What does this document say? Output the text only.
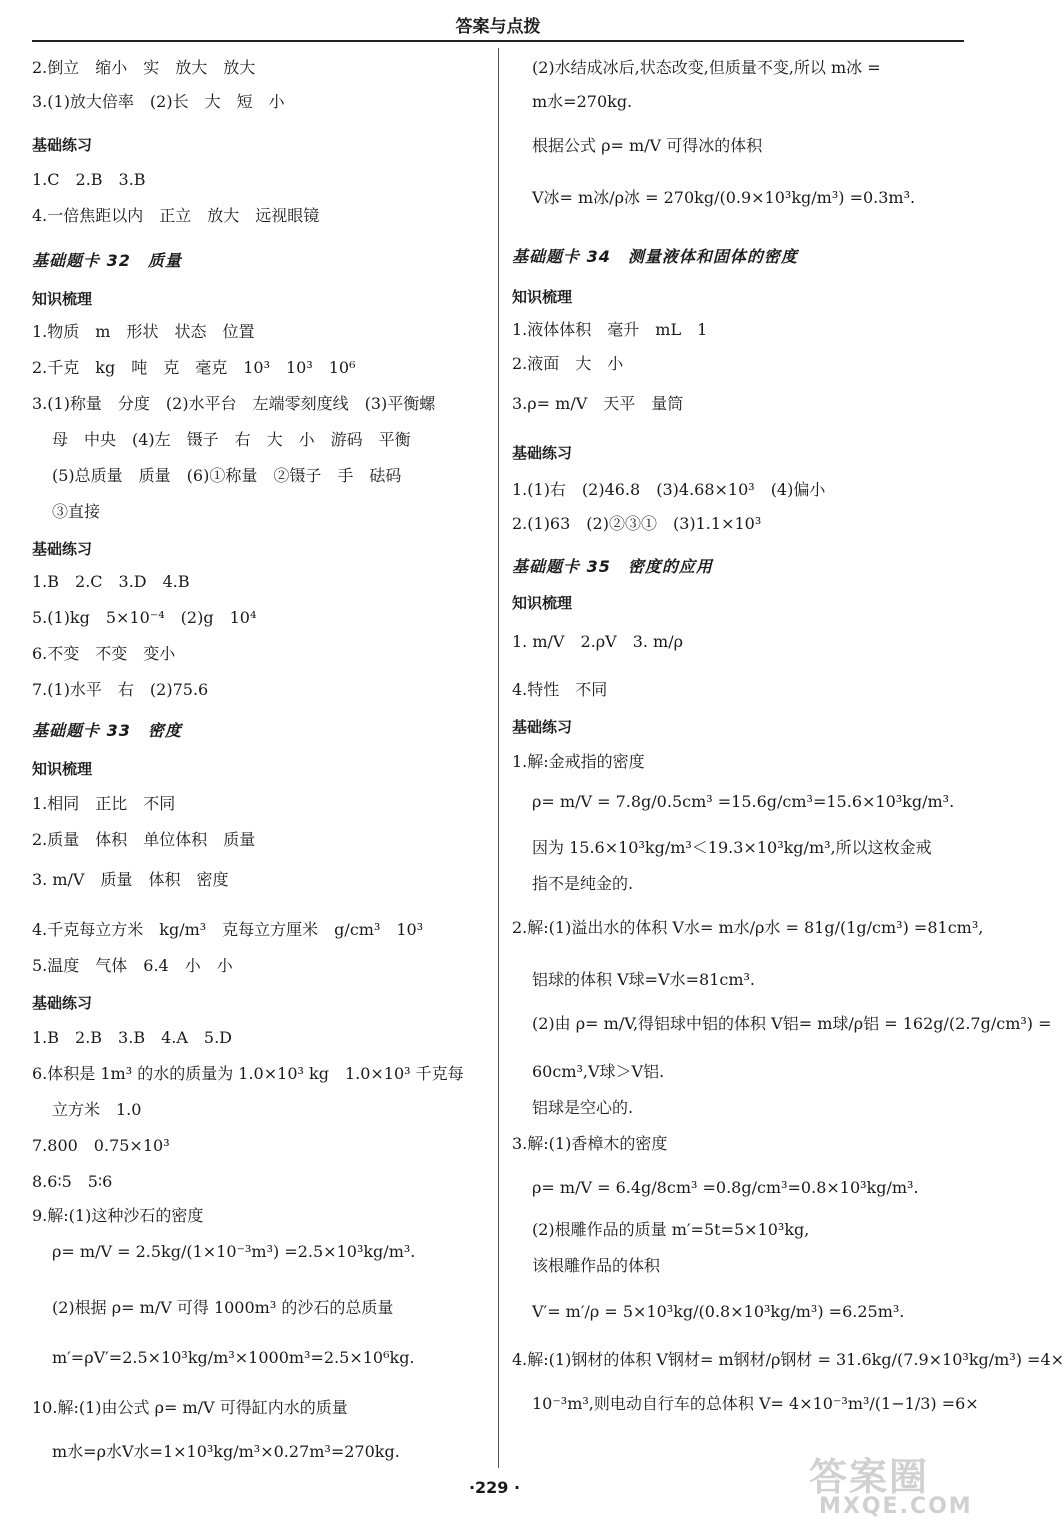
答案与点拨
2.倒立　缩小　实　放大　放大
3.(1)放大倍率　(2)长　大　短　小
基础练习
1.C　2.B　3.B
4.一倍焦距以内　正立　放大　远视眼镜
基础题卡 32　质量
知识梳理
1.物质　m　形状　状态　位置
2.千克　kg　吨　克　毫克　10³　10³　10⁶
3.(1)称量　分度　(2)水平台　左端零刻度线　(3)平衡螺
母　中央　(4)左　镊子　右　大　小　游码　平衡
(5)总质量　质量　(6)①称量　②镊子　手　砝码
③直接
基础练习
1.B　2.C　3.D　4.B
5.(1)kg　5×10⁻⁴　(2)g　10⁴
6.不变　不变　变小
7.(1)水平　右　(2)75.6
基础题卡 33　密度
知识梳理
1.相同　正比　不同
2.质量　体积　单位体积　质量
3. m/V　质量　体积　密度
4.千克每立方米　kg/m³　克每立方厘米　g/cm³　10³
5.温度　气体　6.4　小　小
基础练习
1.B　2.B　3.B　4.A　5.D
6.体积是 1m³ 的水的质量为 1.0×10³ kg　1.0×10³ 千克每
立方米　1.0
7.800　0.75×10³
8.6∶5　5∶6
9.解:(1)这种沙石的密度
ρ= m/V = 2.5kg/(1×10⁻³m³) =2.5×10³kg/m³.
(2)根据 ρ= m/V 可得 1000m³ 的沙石的总质量
m′=ρV′=2.5×10³kg/m³×1000m³=2.5×10⁶kg.
10.解:(1)由公式 ρ= m/V 可得缸内水的质量
m水=ρ水V水=1×10³kg/m³×0.27m³=270kg.
(2)水结成冰后,状态改变,但质量不变,所以 m冰 =
m水=270kg.
根据公式 ρ= m/V 可得冰的体积
V冰= m冰/ρ冰 = 270kg/(0.9×10³kg/m³) =0.3m³.
基础题卡 34　测量液体和固体的密度
知识梳理
1.液体体积　毫升　mL　1
2.液面　大　小
3.ρ= m/V　天平　量筒
基础练习
1.(1)右　(2)46.8　(3)4.68×10³　(4)偏小
2.(1)63　(2)②③①　(3)1.1×10³
基础题卡 35　密度的应用
知识梳理
1. m/V　2.ρV　3. m/ρ
4.特性　不同
基础练习
1.解:金戒指的密度
ρ= m/V = 7.8g/0.5cm³ =15.6g/cm³=15.6×10³kg/m³.
因为 15.6×10³kg/m³＜19.3×10³kg/m³,所以这枚金戒
指不是纯金的.
2.解:(1)溢出水的体积 V水= m水/ρ水 = 81g/(1g/cm³) =81cm³,
铝球的体积 V球=V水=81cm³.
(2)由 ρ= m/V,得铝球中铝的体积 V铝= m球/ρ铝 = 162g/(2.7g/cm³) =
60cm³,V球＞V铝.
铝球是空心的.
3.解:(1)香樟木的密度
ρ= m/V = 6.4g/8cm³ =0.8g/cm³=0.8×10³kg/m³.
(2)根雕作品的质量 m′=5t=5×10³kg,
该根雕作品的体积
V′= m′/ρ = 5×10³kg/(0.8×10³kg/m³) =6.25m³.
4.解:(1)钢材的体积 V钢材= m钢材/ρ钢材 = 31.6kg/(7.9×10³kg/m³) =4×
10⁻³m³,则电动自行车的总体积 V= 4×10⁻³m³/(1−1/3) =6×
·229 ·	答案圈
MXQE.COM
